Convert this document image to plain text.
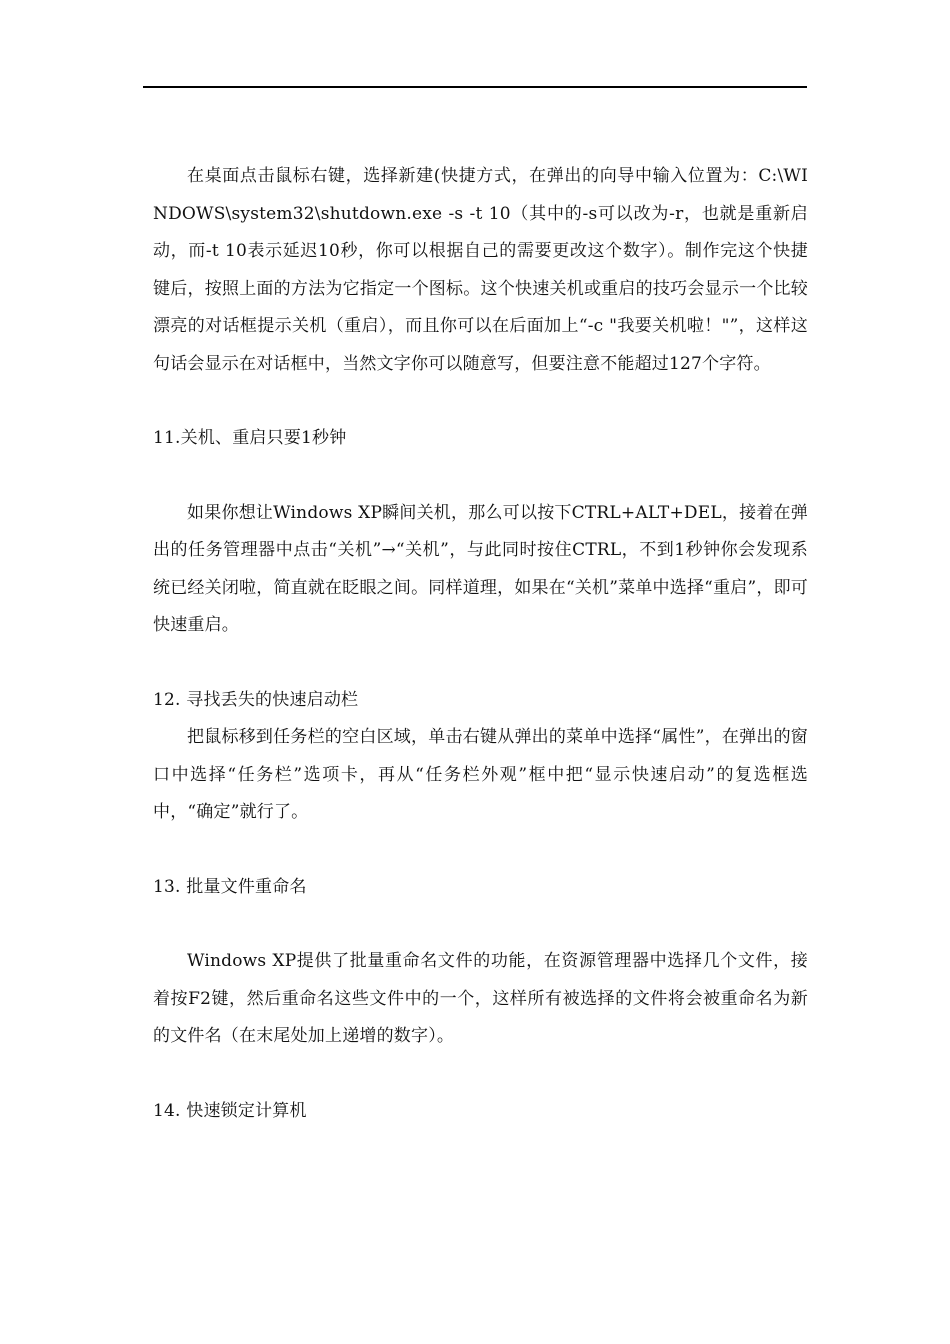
在桌面点击鼠标右键，选择新建(快捷方式，在弹出的向导中输入位置为：C:\WINDOWS\system32\shutdown.exe -s -t 10（其中的-s可以改为-r，也就是重新启动，而-t 10表示延迟10秒，你可以根据自己的需要更改这个数字）。制作完这个快捷键后，按照上面的方法为它指定一个图标。这个快速关机或重启的技巧会显示一个比较漂亮的对话框提示关机（重启），而且你可以在后面加上“-c "我要关机啦！"”，这样这句话会显示在对话框中，当然文字你可以随意写，但要注意不能超过127个字符。

11.关机、重启只要1秒钟

如果你想让Windows XP瞬间关机，那么可以按下CTRL+ALT+DEL，接着在弹出的任务管理器中点击“关机”→“关机”，与此同时按住CTRL，不到1秒钟你会发现系统已经关闭啦，简直就在眨眼之间。同样道理，如果在“关机”菜单中选择“重启”，即可快速重启。

12. 寻找丢失的快速启动栏

把鼠标移到任务栏的空白区域，单击右键从弹出的菜单中选择“属性”，在弹出的窗口中选择“任务栏”选项卡，再从“任务栏外观”框中把“显示快速启动”的复选框选中，“确定”就行了。

13. 批量文件重命名

Windows XP提供了批量重命名文件的功能，在资源管理器中选择几个文件，接着按F2键，然后重命名这些文件中的一个，这样所有被选择的文件将会被重命名为新的文件名（在末尾处加上递增的数字）。

14. 快速锁定计算机
